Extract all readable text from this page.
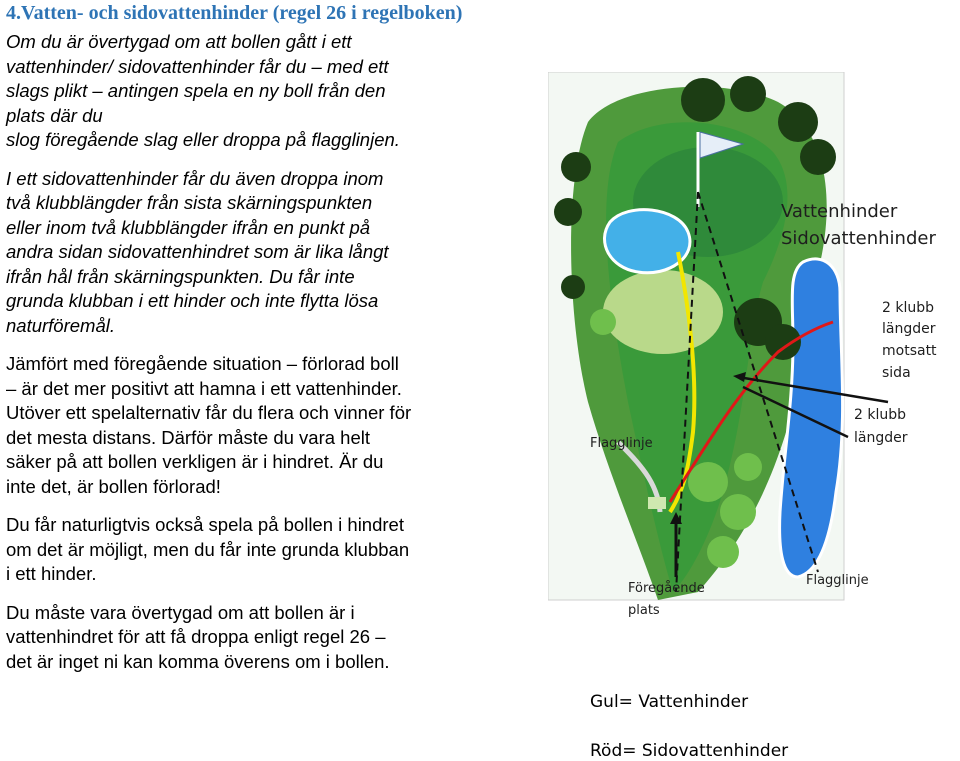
4.Vatten- och sidovattenhinder (regel 26 i regelboken)

Om du är övertygad om att bollen gått i ett
vattenhinder/ sidovattenhinder får du – med ett
slags plikt – antingen spela en ny boll från den
plats där du
slog föregående slag eller droppa på flagglinjen.

I ett sidovattenhinder får du även droppa inom
två klubblängder från sista skärningspunkten
eller inom två klubblängder ifrån en punkt på
andra sidan sidovattenhindret som är lika långt
ifrån hål från skärningspunkten. Du får inte
grunda klubban i ett hinder och inte flytta lösa
naturföremål.

Jämfört med föregående situation – förlorad boll
– är det mer positivt att hamna i ett vattenhinder.
Utöver ett spelalternativ får du flera och vinner för
det mesta distans. Därför måste du vara helt
säker på att bollen verkligen är i hindret. Är du
inte det, är bollen förlorad!

Du får naturligtvis också spela på bollen i hindret
om det är möjligt, men du får inte grunda klubban
i ett hinder.

Du måste vara övertygad om att bollen är i
vattenhindret för att få droppa enligt regel 26 –
det är inget ni kan komma överens om i bollen.

Vattenhinder
Sidovattenhinder
2 klubb
längder
motsatt
sida
2 klubb
längder
Flagglinje
Flagglinje
Föregående
plats
Gul= Vattenhinder
Röd= Sidovattenhinder
